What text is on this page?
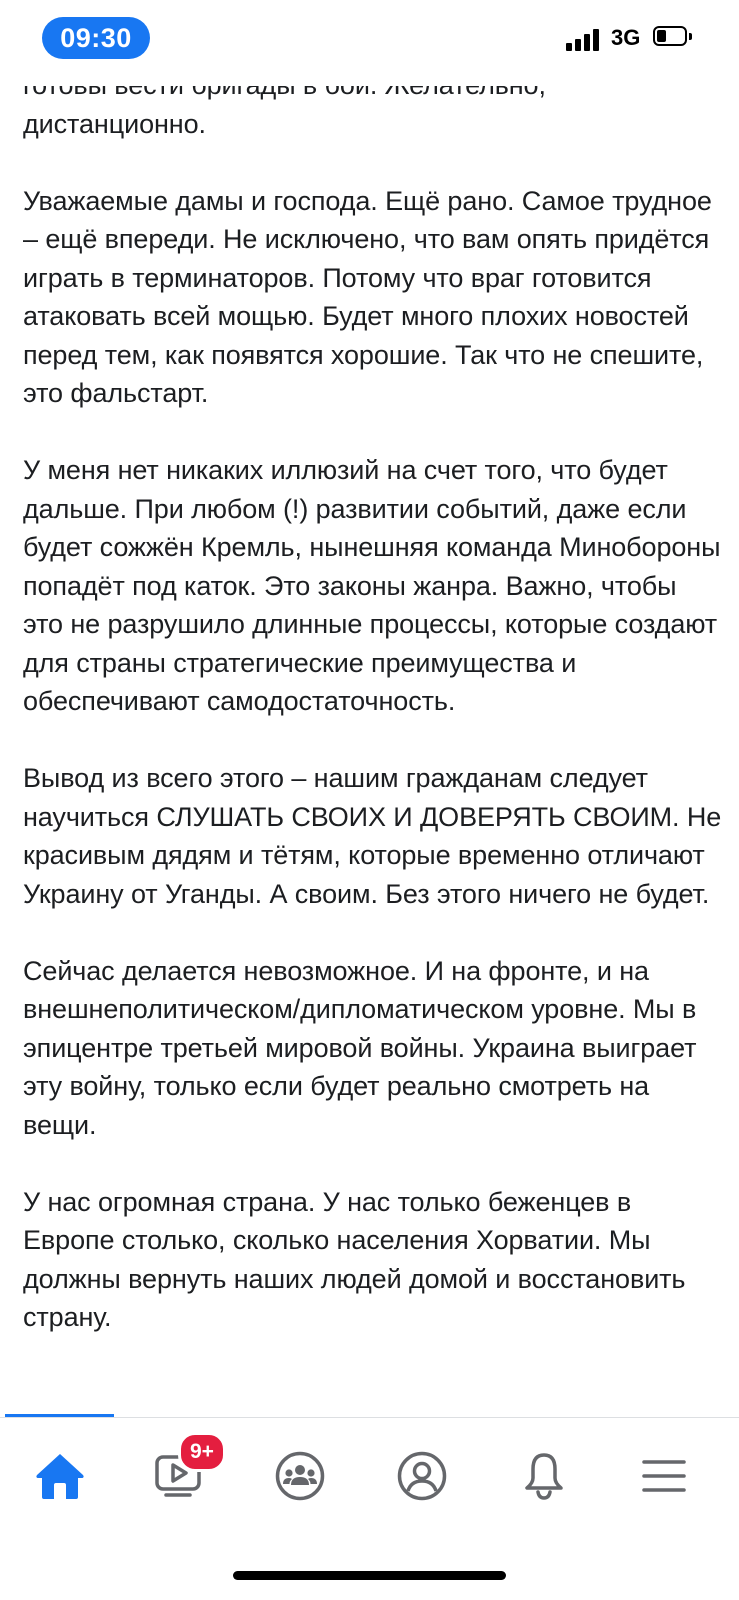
09:30	3G

дистанционно.

Уважаемые дамы и господа. Ещё рано. Самое трудное – ещё впереди. Не исключено, что вам опять придётся играть в терминаторов. Потому что враг готовится атаковать всей мощью. Будет много плохих новостей перед тем, как появятся хорошие. Так что не спешите, это фальстарт.

У меня нет никаких иллюзий на счет того, что будет дальше. При любом (!) развитии событий, даже если будет сожжён Кремль, нынешняя команда Минобороны попадёт под каток. Это законы жанра. Важно, чтобы это не разрушило длинные процессы, которые создают для страны стратегические преимущества и обеспечивают самодостаточность.

Вывод из всего этого – нашим гражданам следует научиться СЛУШАТЬ СВОИХ И ДОВЕРЯТЬ СВОИМ. Не красивым дядям и тётям, которые временно отличают Украину от Уганды. А своим. Без этого ничего не будет.

Сейчас делается невозможное. И на фронте, и на внешнеполитическом/дипломатическом уровне. Мы в эпицентре третьей мировой войны. Украина выиграет эту войну, только если будет реально смотреть на вещи.

У нас огромная страна. У нас только беженцев в Европе столько, сколько населения Хорватии. Мы должны вернуть наших людей домой и восстановить страну.

9+
